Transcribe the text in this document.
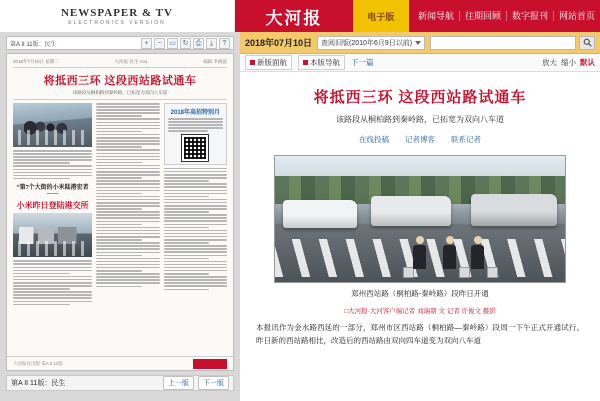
NEWSPAPER & TV
ELECTRONICS VERSION	大河报	电子版	新闻导航	往期回顾	数字报刊	网站首页
第A II 11版：民生	+	−	▭ ↻	⎙	⤓	?
2018年7月10日 星期二	大河报·民生 A11	编辑 李晓波
将抵西三环 这段西站路试通车
该路段从桐柏路到秦岭路，已拓宽为双向八车道
“第7个大街的小米陆港宏者——
小米昨日登陆港交所
2018年高招特别月
大河报社出版 第A II 11版
第A II 11版：民生	上一版	下一版
2018年07月10日 查阅旧版(2010年6月9日以前)
新版面航	本版导航 下一篇	放大 缩小 默认
将抵西三环 这段西站路试通车
该路段从桐柏路到秦岭路，已拓宽为双向八车道
在线投稿 记者博客 联系记者
郑州西站路（桐柏路-秦岭路）段昨日开通
□大河报·大河客户端记者 刘瑞朝 文 记者 许俊文 摄影

本报讯作为金水路西延的一部分，郑州市区西站路（桐柏路—秦岭路）段周一下午正式开通试行。昨日新的西站路相比，改造后的西站路由双向四车道变为双向八车道
